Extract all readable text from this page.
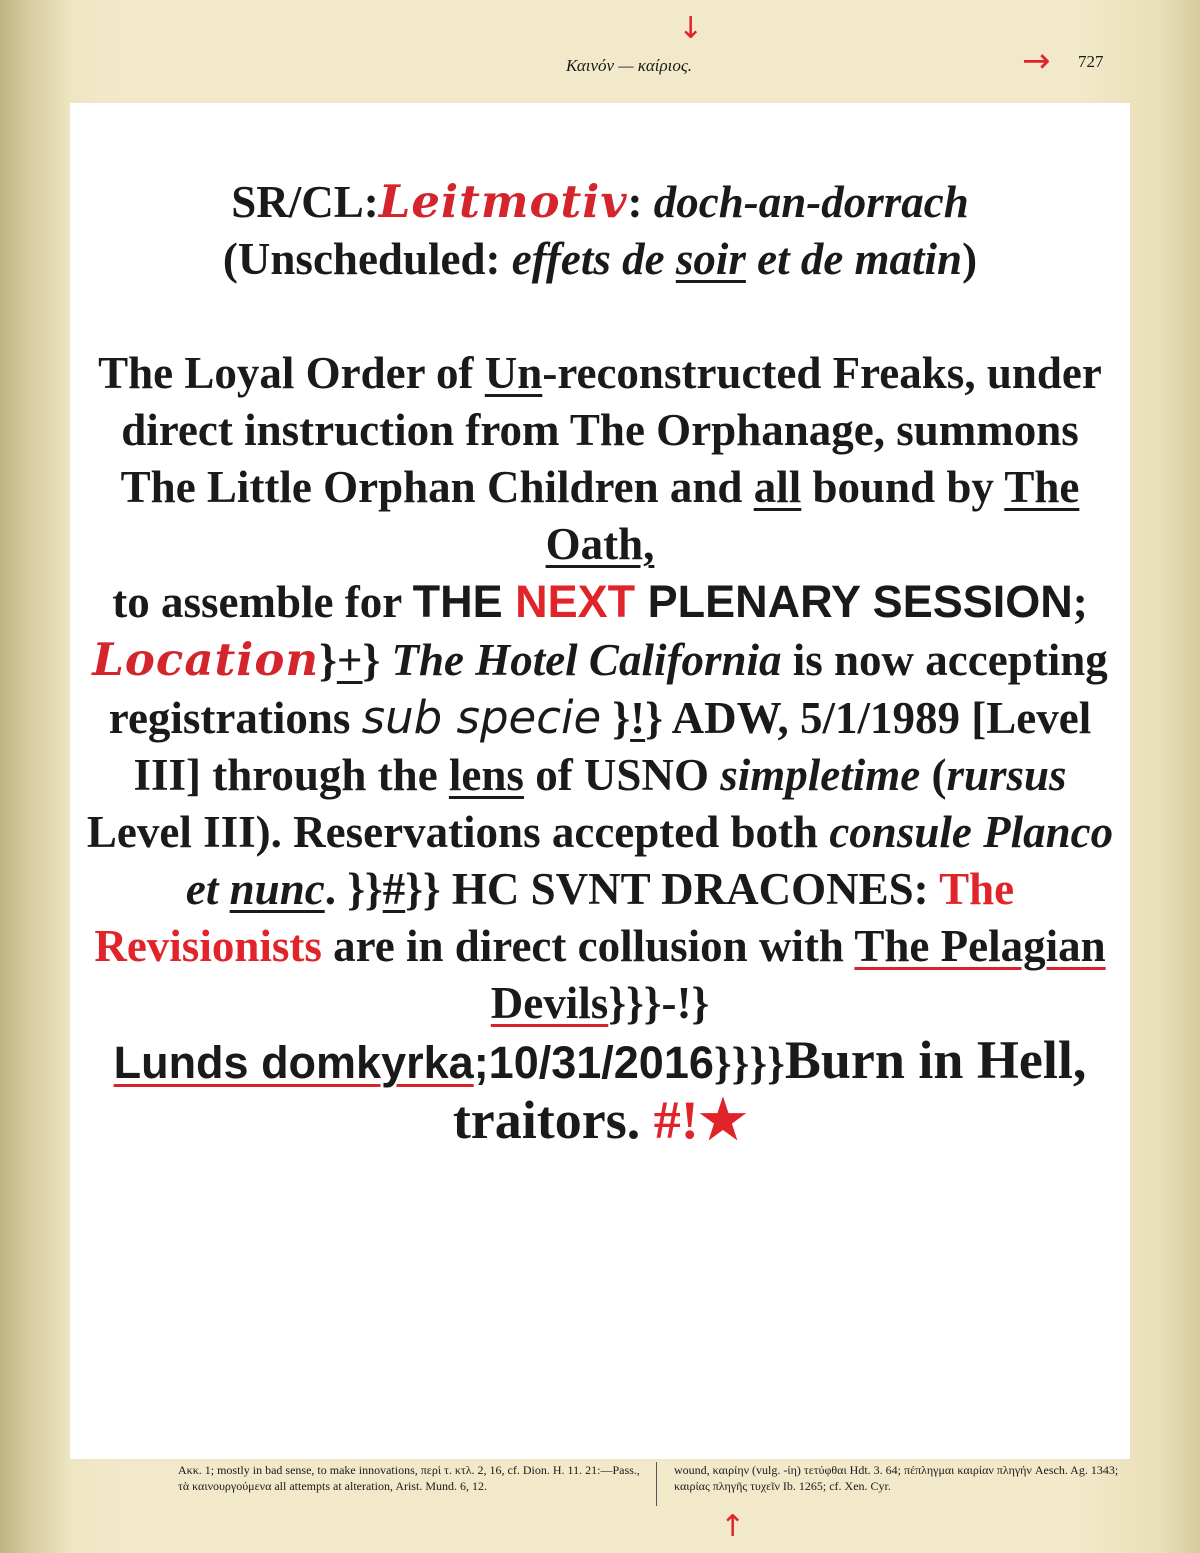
↓
Καινόν — καίριος.	→ 727

SR/CL:Leitmotiv: doch-an-dorrach

(Unscheduled: effets de soir et de matin)

The Loyal Order of Un-reconstructed Freaks, under direct instruction from The Orphanage, summons The Little Orphan Children and all bound by The Oath,
to assemble for THE NEXT PLENARY SESSION; Location}+} The Hotel California is now accepting registrations sub specie }!} ADW, 5/1/1989 [Level III] through the lens of USNO simpletime (rursus Level III). Reservations accepted both consule Planco et nunc. }}#}} HC SVNT DRACONES: The Revisionists are in direct collusion with The Pelagian Devils}}}-!}
Lunds domkyrka;10/31/2016}}}}Burn in Hell, traitors. #!★

Ακκ. 1; mostly in bad sense, to make innovations, περὶ τ. κτλ. 2, 16, cf. Dion. H. 11. 21:—Pass., τὰ καινουργούμενα all attempts at alteration, Arist. Mund. 6, 12.
wound, καιρίην (vulg. -ίη) τετύφθαι Hdt. 3. 64; πέπληγμαι καιρίαν πληγήν Aesch. Ag. 1343; καιρίας πληγῆς τυχεῖν Ib. 1265; cf. Xen. Cyr.
↑
